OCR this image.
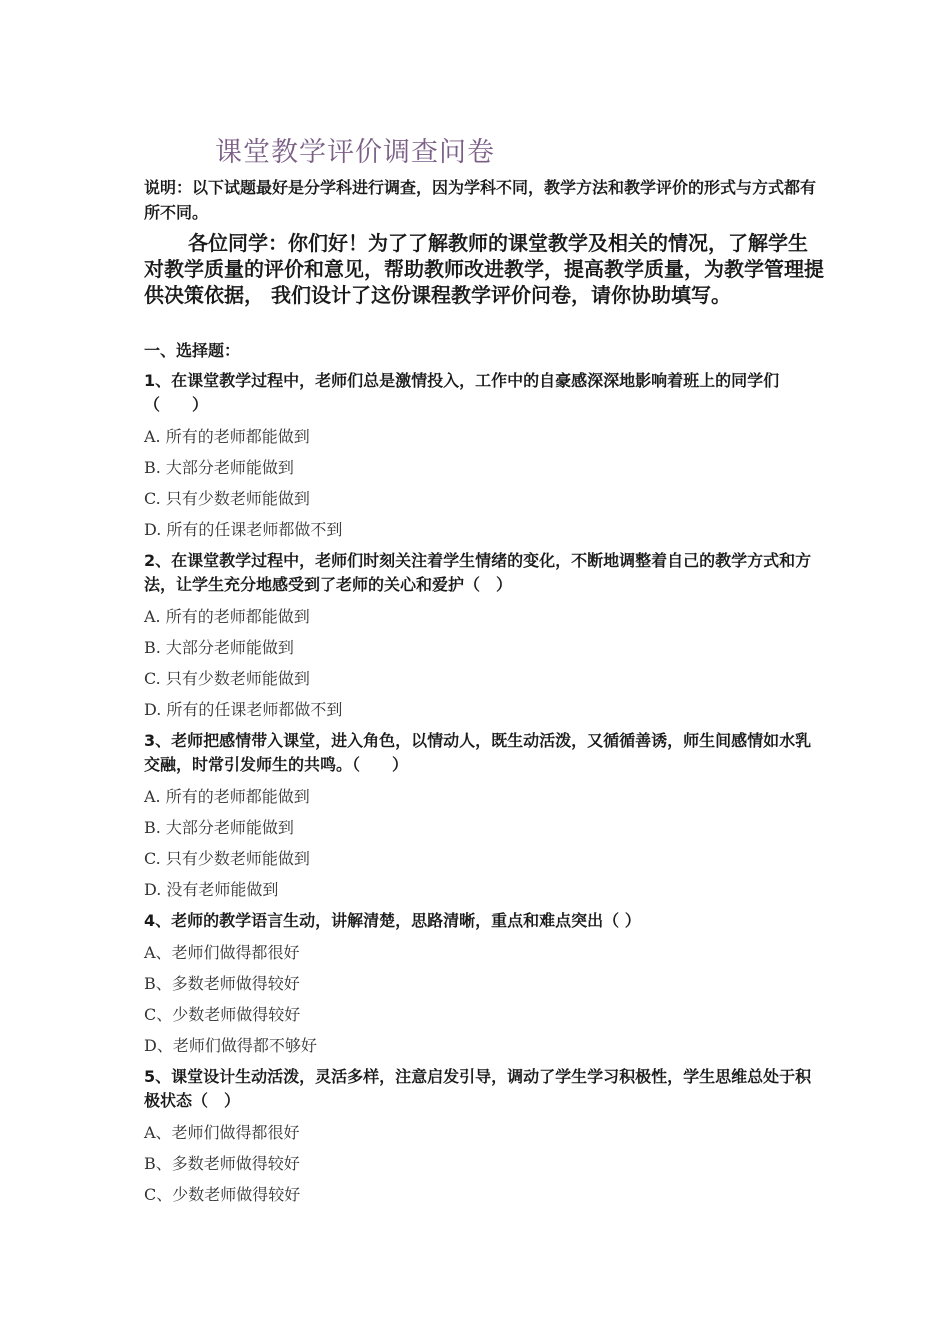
课堂教学评价调查问卷
说明：以下试题最好是分学科进行调查，因为学科不同，教学方法和教学评价的形式与方式都有所不同。
各位同学：你们好！为了了解教师的课堂教学及相关的情况，了解学生对教学质量的评价和意见，帮助教师改进教学，提高教学质量，为教学管理提供决策依据， 我们设计了这份课程教学评价问卷，请你协助填写。
一、选择题：
1、在课堂教学过程中，老师们总是激情投入，工作中的自豪感深深地影响着班上的同学们（　　）
A. 所有的老师都能做到
B. 大部分老师能做到
C. 只有少数老师能做到
D. 所有的任课老师都做不到
2、在课堂教学过程中，老师们时刻关注着学生情绪的变化，不断地调整着自己的教学方式和方法，让学生充分地感受到了老师的关心和爱护（　）
A. 所有的老师都能做到
B. 大部分老师能做到
C. 只有少数老师能做到
D. 所有的任课老师都做不到
3、老师把感情带入课堂，进入角色，以情动人，既生动活泼，又循循善诱，师生间感情如水乳交融，时常引发师生的共鸣。（　　）
A. 所有的老师都能做到
B. 大部分老师能做到
C. 只有少数老师能做到
D. 没有老师能做到
4、老师的教学语言生动，讲解清楚，思路清晰，重点和难点突出（ ）
A、老师们做得都很好
B、多数老师做得较好
C、少数老师做得较好
D、老师们做得都不够好
5、课堂设计生动活泼，灵活多样，注意启发引导，调动了学生学习积极性，学生思维总处于积极状态（　）
A、老师们做得都很好
B、多数老师做得较好
C、少数老师做得较好
